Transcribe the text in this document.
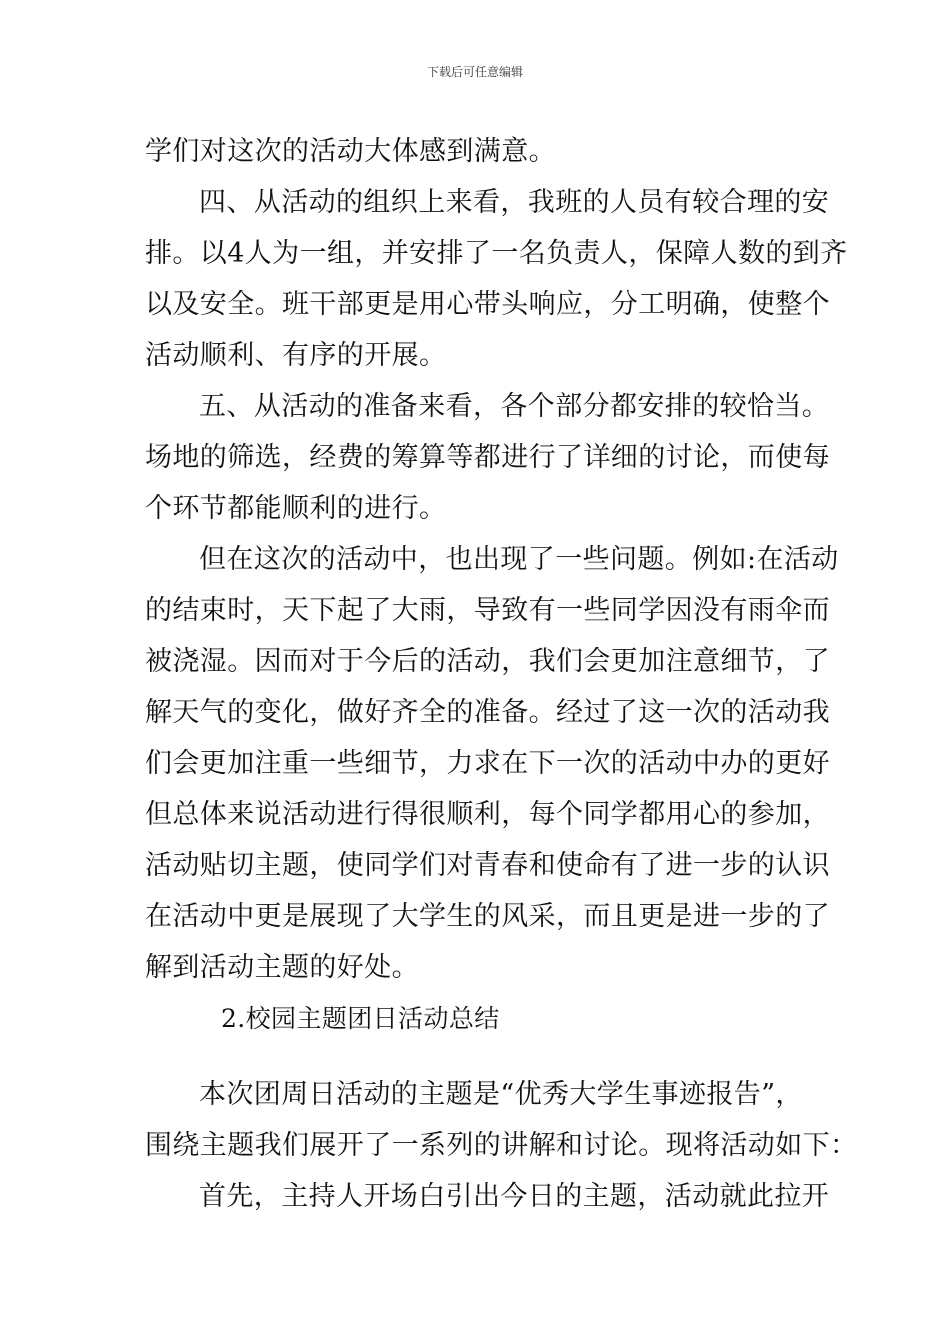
下载后可任意编辑
学们对这次的活动大体感到满意。
四、从活动的组织上来看，我班的人员有较合理的安
排。以4人为一组，并安排了一名负责人，保障人数的到齐
以及安全。班干部更是用心带头响应，分工明确，使整个
活动顺利、有序的开展。
五、从活动的准备来看，各个部分都安排的较恰当。
场地的筛选，经费的筹算等都进行了详细的讨论，而使每
个环节都能顺利的进行。
但在这次的活动中，也出现了一些问题。例如:在活动
的结束时，天下起了大雨，导致有一些同学因没有雨伞而
被浇湿。因而对于今后的活动，我们会更加注意细节，了
解天气的变化，做好齐全的准备。经过了这一次的活动我
们会更加注重一些细节，力求在下一次的活动中办的更好
但总体来说活动进行得很顺利，每个同学都用心的参加，
活动贴切主题，使同学们对青春和使命有了进一步的认识
在活动中更是展现了大学生的风采，而且更是进一步的了
解到活动主题的好处。
2.校园主题团日活动总结
本次团周日活动的主题是“优秀大学生事迹报告”，
围绕主题我们展开了一系列的讲解和讨论。现将活动如下：
首先，主持人开场白引出今日的主题，活动就此拉开
